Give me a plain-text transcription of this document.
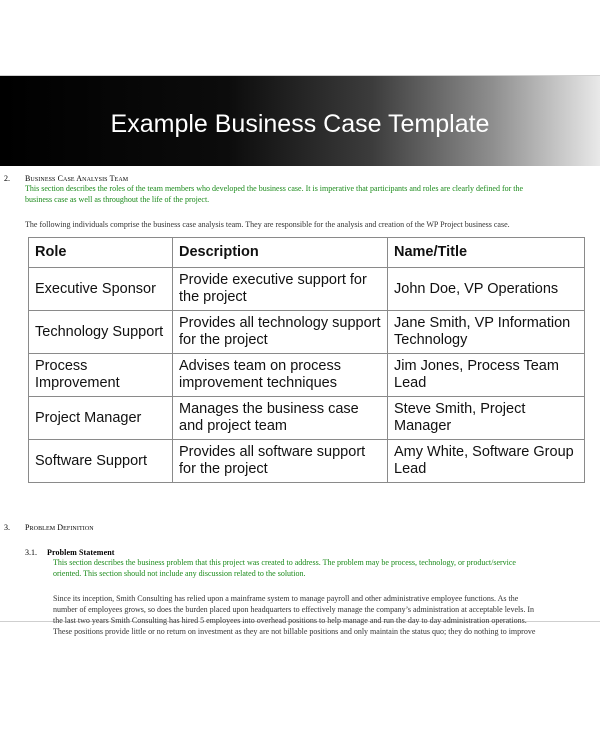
Example Business Case Template
2. Business Case Analysis Team
This section describes the roles of the team members who developed the business case. It is imperative that participants and roles are clearly defined for the
business case as well as throughout the life of the project.
The following individuals comprise the business case analysis team. They are responsible for the analysis and creation of the WP Project business case.
Role	Description	Name/Title
Executive Sponsor	Provide executive support for the project	John Doe, VP Operations
Technology Support	Provides all technology support for the project	Jane Smith, VP Information Technology
Process Improvement	Advises team on process improvement techniques	Jim Jones, Process Team Lead
Project Manager	Manages the business case and project team	Steve Smith, Project Manager
Software Support	Provides all software support for the project	Amy White, Software Group Lead
3. Problem Definition
3.1. Problem Statement
This section describes the business problem that this project was created to address. The problem may be process, technology, or product/service
oriented. This section should not include any discussion related to the solution.
Since its inception, Smith Consulting has relied upon a mainframe system to manage payroll and other administrative employee functions. As the
number of employees grows, so does the burden placed upon headquarters to effectively manage the company’s administration at acceptable levels. In
the last two years Smith Consulting has hired 5 employees into overhead positions to help manage and run the day to day administration operations.
These positions provide little or no return on investment as they are not billable positions and only maintain the status quo; they do nothing to improve
